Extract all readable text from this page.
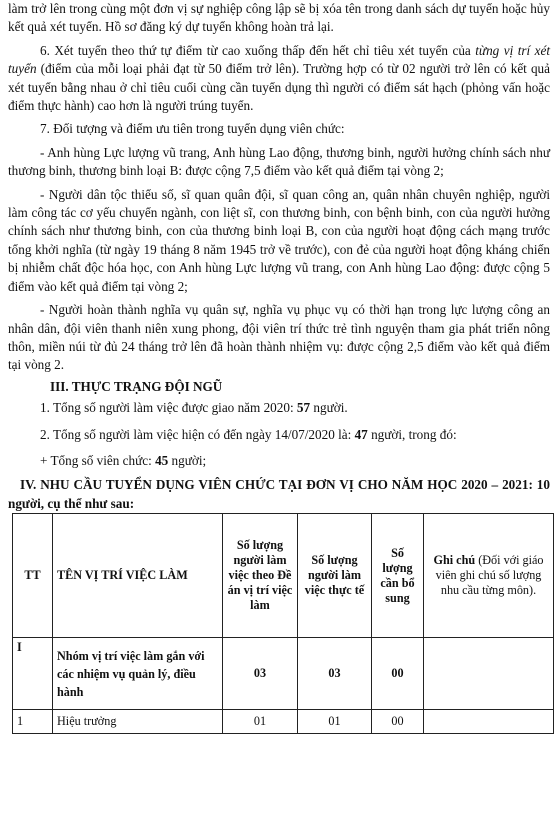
làm trở lên trong cùng một đơn vị sự nghiệp công lập sẽ bị xóa tên trong danh sách dự tuyển hoặc hủy kết quả xét tuyển. Hồ sơ đăng ký dự tuyển không hoàn trả lại.

6. Xét tuyển theo thứ tự điểm từ cao xuống thấp đến hết chỉ tiêu xét tuyển của từng vị trí xét tuyển (điểm của mỗi loại phải đạt từ 50 điểm trở lên). Trường hợp có từ 02 người trở lên có kết quả xét tuyển bằng nhau ở chỉ tiêu cuối cùng cần tuyển dụng thì người có điểm sát hạch (phỏng vấn hoặc điểm thực hành) cao hơn là người trúng tuyển.

7. Đối tượng và điểm ưu tiên trong tuyển dụng viên chức:

- Anh hùng Lực lượng vũ trang, Anh hùng Lao động, thương binh, người hưởng chính sách như thương binh, thương binh loại B: được cộng 7,5 điểm vào kết quả điểm tại vòng 2;

- Người dân tộc thiểu số, sĩ quan quân đội, sĩ quan công an, quân nhân chuyên nghiệp, người làm công tác cơ yếu chuyển ngành, con liệt sĩ, con thương binh, con bệnh binh, con của người hưởng chính sách như thương binh, con của thương binh loại B, con của người hoạt động cách mạng trước tổng khởi nghĩa (từ ngày 19 tháng 8 năm 1945 trở về trước), con đẻ của người hoạt động kháng chiến bị nhiễm chất độc hóa học, con Anh hùng Lực lượng vũ trang, con Anh hùng Lao động: được cộng 5 điểm vào kết quả điểm tại vòng 2;

- Người hoàn thành nghĩa vụ quân sự, nghĩa vụ phục vụ có thời hạn trong lực lượng công an nhân dân, đội viên thanh niên xung phong, đội viên trí thức trẻ tình nguyện tham gia phát triển nông thôn, miền núi từ đủ 24 tháng trở lên đã hoàn thành nhiệm vụ: được cộng 2,5 điểm vào kết quả điểm tại vòng 2.

III. THỰC TRẠNG ĐỘI NGŨ

1. Tổng số người làm việc được giao năm 2020: 57 người.

2. Tổng số người làm việc hiện có đến ngày 14/07/2020 là: 47 người, trong đó:

+ Tổng số viên chức: 45 người;

IV. NHU CẦU TUYỂN DỤNG VIÊN CHỨC TẠI ĐƠN VỊ CHO NĂM HỌC 2020 – 2021: 10 người, cụ thể như sau:

TT	TÊN VỊ TRÍ VIỆC LÀM	Số lượng người làm việc theo Đề án vị trí việc làm	Số lượng người làm việc thực tế	Số lượng cần bổ sung	Ghi chú (Đối với giáo viên ghi chú số lượng nhu cầu từng môn).
I	Nhóm vị trí việc làm gắn với các nhiệm vụ quản lý, điều hành	03	03	00	
1	Hiệu trưởng	01	01	00	
